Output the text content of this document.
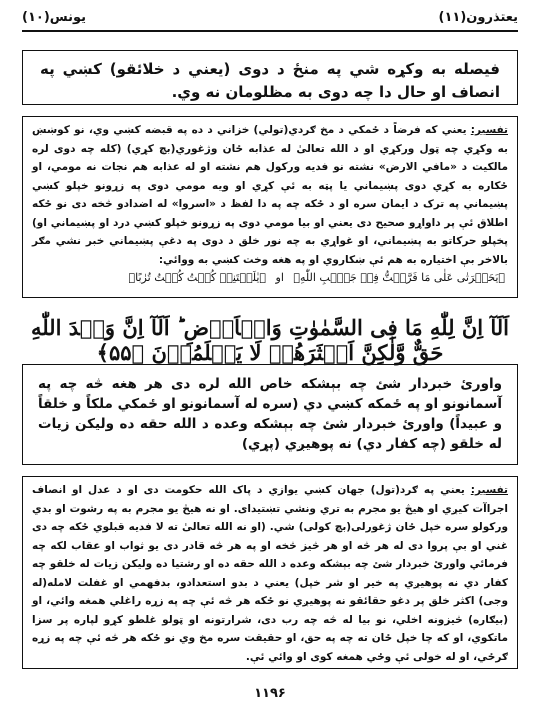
یعتذرون(۱۱)
یونس(۱۰)
فیصله به وکړه شي په منځ د دوی (یعني د خلائقو) کښي په انصاف او حال دا چه دوی به مظلومان نه وي.
تفسیر: یعني که فرضاً د ځمکي د مخ ګردي(تولي) خزاني د ده په قبضه کښي وي، نو کوښښ به وکړي چه ټول ورکړي او د الله تعالیٰ له عذابه ځان وژغوري(بچ کړي) (کله چه دوی لره مالکیت د «مافي الارض» نشته نو فدیه ورکول هم نشته او له عذابه هم نجات نه مومي، او ځکاره به کړي دوی پښیماني یا پټه به ئې کړي او ویه مومي دوی په زړونو خپلو کښي پښیماني په ترک د ایمان سره او د ځکه چه په دا لفظ د «اسروا» له اضدادو څخه دی نو ځکه اطلاق ئې پر داواړو صحیح دی یعني او بیا مومي دوی په زړونو خپلو کښي درد او پښیماني او) پخپلو حرکاتو به پښیماني، او غواړي به چه نور خلق د دوی په دغې پښیماني خبر نشي مګر بالاخر بې اختیاره به هم ئې ښکاروي او په هغه وخت کښي به ووائي:
﴿یَحَسۡرَتٰی عَلٰی مَا فَرَّطۡتُّ فِیۡ جَنۡۢبِ اللّٰهِ﴾ او ﴿یٰلَیۡتَنِیۡ کُنۡتُ کُنۡتُ تُرٰبًا﴾
اَلَآ اِنَّ لِلّٰهِ مَا فِی السَّمٰوٰتِ وَالۡاَرۡضِ ؕ اَلَآ اِنَّ وَعۡدَ اللّٰهِ حَقٌّ وَّلٰکِنَّ اَکۡثَرَهُمۡ لَا یَعۡلَمُوۡنَ ﴿۵۵﴾
واورئ خبردار شئ چه بېشکه خاص الله لره دی هر هغه څه چه په آسمانونو او په ځمکه کښي دي (سره له آسمانونو او ځمکي ملکاً و خلقاً و عبیداً) واورئ خبردار شئ چه بېشکه وعده د الله حقه ده ولیکن زیات له خلقو (چه کفار دي) نه پوهیږي (پړي)
تفسیر: یعني په ګرد(تول) جهان کښي یوازي د پاک الله حکومت دی او د عدل او انصاف اجراآت کیږي او هیڅ یو مجرم به تري ونشي تښتیدای. او نه هیڅ یو مجرم به په رشوت او بدي ورکولو سره خپل ځان ژغورلی(بچ کولی) شي. (او نه الله تعالیٰ ته لا فدیه قبلوي ځکه چه دی غني او بې پروا دی له هر څه او هر څیز څخه او په هر څه قادر دی یو ثواب او عقاب لکه چه فرمائي واورئ خبردار شئ چه بېشکه وعده د الله حقه ده او رشتیا ده ولیکن زیات له خلقو چه کفار دي نه پوهیږي په خیر او شر خپل) یعني د بدو استعدادو، بدفهمي او غفلت لامله(له وجی) اکثر خلق پر دغو حقائقو نه پوهیږي نو ځکه هر څه ئې چه په زړه راغلي همغه وائي، او (بیګاره) څیزونه اخلي، نو بیا له څه چه رب دی، شرارتونه او ټولو غلطو کړو لپاره پر سزا ماتکوي، او که چا خپل ځان ته چه په حق، او حقیقت سره مخ وي نو ځکه هر څه ئې چه په زړه ګرځي، او له خولی ئې وځي همغه کوی او وائي ئې.
۱۱۹۶
